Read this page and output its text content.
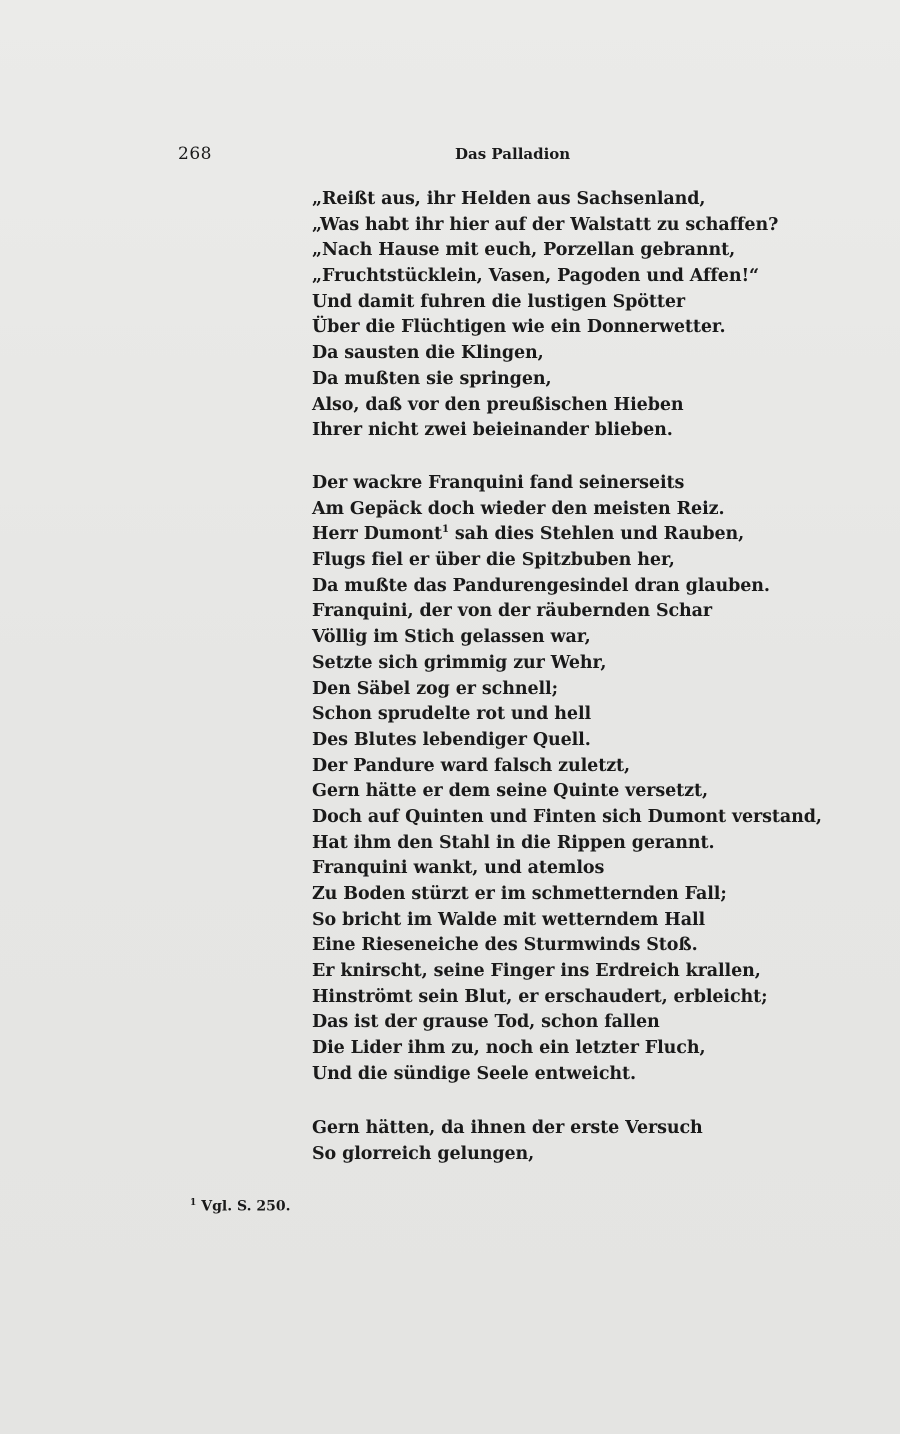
268	Das Palladion
„Reißt aus, ihr Helden aus Sachsenland,
„Was habt ihr hier auf der Walstatt zu schaffen?
„Nach Hause mit euch, Porzellan gebrannt,
„Fruchtstücklein, Vasen, Pagoden und Affen!“
Und damit fuhren die lustigen Spötter
Über die Flüchtigen wie ein Donnerwetter.
Da sausten die Klingen,
Da mußten sie springen,
Also, daß vor den preußischen Hieben
Ihrer nicht zwei beieinander blieben.
Der wackre Franquini fand seinerseits
Am Gepäck doch wieder den meisten Reiz.
Herr Dumont$^1$ sah dies Stehlen und Rauben,
Flugs fiel er über die Spitzbuben her,
Da mußte das Pandurengesindel dran glauben.
Franquini, der von der räubernden Schar
Völlig im Stich gelassen war,
Setzte sich grimmig zur Wehr,
Den Säbel zog er schnell;
Schon sprudelte rot und hell
Des Blutes lebendiger Quell.
Der Pandure ward falsch zuletzt,
Gern hätte er dem seine Quinte versetzt,
Doch auf Quinten und Finten sich Dumont verstand,
Hat ihm den Stahl in die Rippen gerannt.
Franquini wankt, und atemlos
Zu Boden stürzt er im schmetternden Fall;
So bricht im Walde mit wetterndem Hall
Eine Rieseneiche des Sturmwinds Stoß.
Er knirscht, seine Finger ins Erdreich krallen,
Hinströmt sein Blut, er erschaudert, erbleicht;
Das ist der grause Tod, schon fallen
Die Lider ihm zu, noch ein letzter Fluch,
Und die sündige Seele entweicht.
Gern hätten, da ihnen der erste Versuch
So glorreich gelungen,
$^1$ Vgl. S. 250.
